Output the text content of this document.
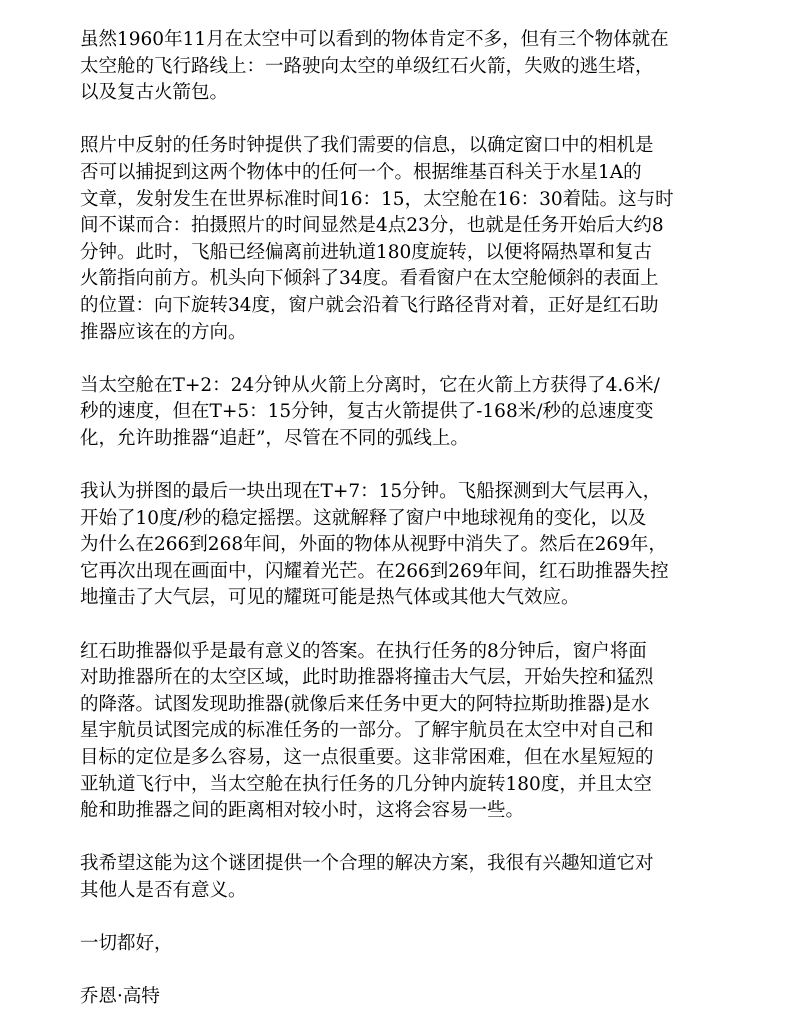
虽然1960年11月在太空中可以看到的物体肯定不多，但有三个物体就在
太空舱的飞行路线上：一路驶向太空的单级红石火箭，失败的逃生塔，
以及复古火箭包。

照片中反射的任务时钟提供了我们需要的信息，以确定窗口中的相机是
否可以捕捉到这两个物体中的任何一个。根据维基百科关于水星1A的
文章，发射发生在世界标准时间16：15，太空舱在16：30着陆。这与时
间不谋而合：拍摄照片的时间显然是4点23分，也就是任务开始后大约8
分钟。此时，飞船已经偏离前进轨道180度旋转，以便将隔热罩和复古
火箭指向前方。机头向下倾斜了34度。看看窗户在太空舱倾斜的表面上
的位置：向下旋转34度，窗户就会沿着飞行路径背对着，正好是红石助
推器应该在的方向。

当太空舱在T+2：24分钟从火箭上分离时，它在火箭上方获得了4.6米/
秒的速度，但在T+5：15分钟，复古火箭提供了-168米/秒的总速度变
化，允许助推器“追赶”，尽管在不同的弧线上。

我认为拼图的最后一块出现在T+7：15分钟。飞船探测到大气层再入，
开始了10度/秒的稳定摇摆。这就解释了窗户中地球视角的变化，以及
为什么在266到268年间，外面的物体从视野中消失了。然后在269年，
它再次出现在画面中，闪耀着光芒。在266到269年间，红石助推器失控
地撞击了大气层，可见的耀斑可能是热气体或其他大气效应。

红石助推器似乎是最有意义的答案。在执行任务的8分钟后，窗户将面
对助推器所在的太空区域，此时助推器将撞击大气层，开始失控和猛烈
的降落。试图发现助推器(就像后来任务中更大的阿特拉斯助推器)是水
星宇航员试图完成的标准任务的一部分。了解宇航员在太空中对自己和
目标的定位是多么容易，这一点很重要。这非常困难，但在水星短短的
亚轨道飞行中，当太空舱在执行任务的几分钟内旋转180度，并且太空
舱和助推器之间的距离相对较小时，这将会容易一些。

我希望这能为这个谜团提供一个合理的解决方案，我很有兴趣知道它对
其他人是否有意义。

一切都好，

乔恩·高特
